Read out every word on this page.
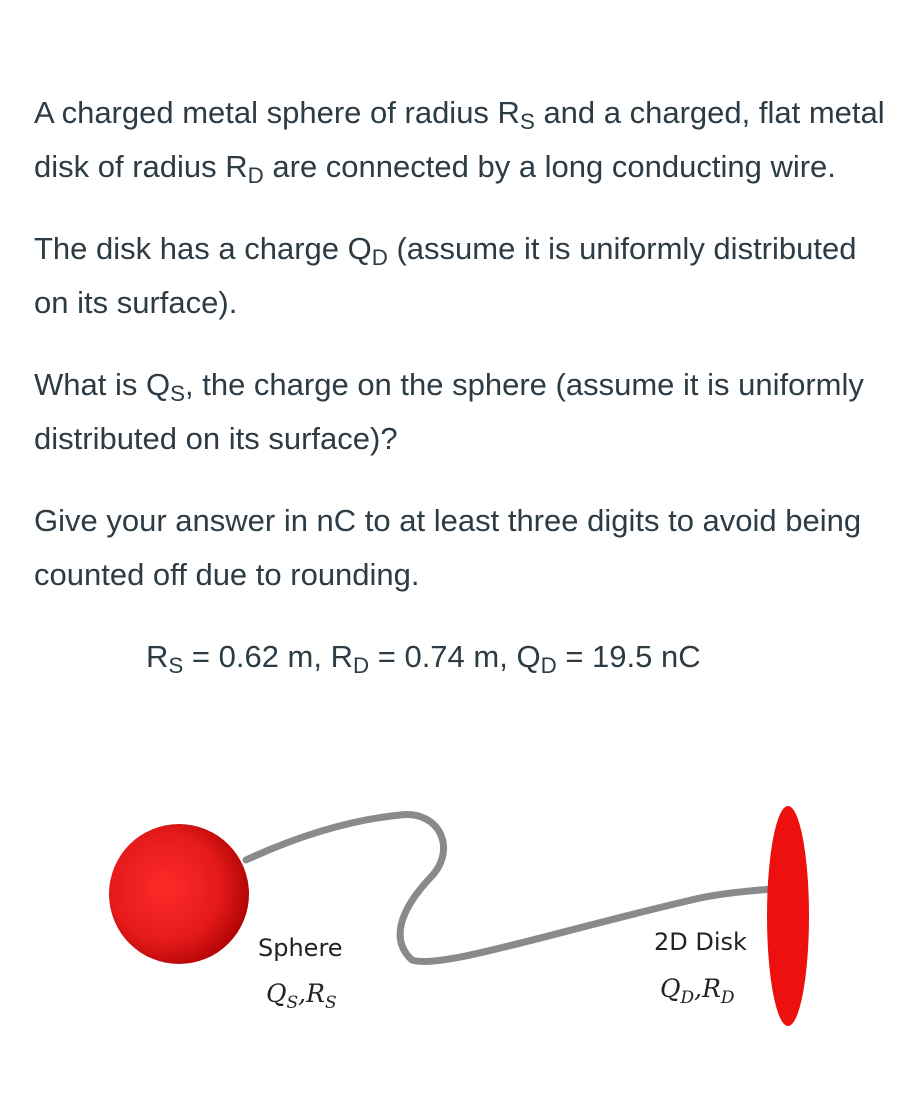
A charged metal sphere of radius $R_S$ and a charged, flat metal disk of radius $R_D$ are connected by a long conducting wire.

The disk has a charge $Q_D$ (assume it is uniformly distributed on its surface).

What is $Q_S$, the charge on the sphere (assume it is uniformly distributed on its surface)?

Give your answer in nC to at least three digits to avoid being counted off due to rounding.

$R_S = 0.62$ m, $R_D = 0.74$ m, $Q_D = 19.5$ nC

Sphere
$Q_S,R_S$
2D Disk
$Q_D,R_D$
